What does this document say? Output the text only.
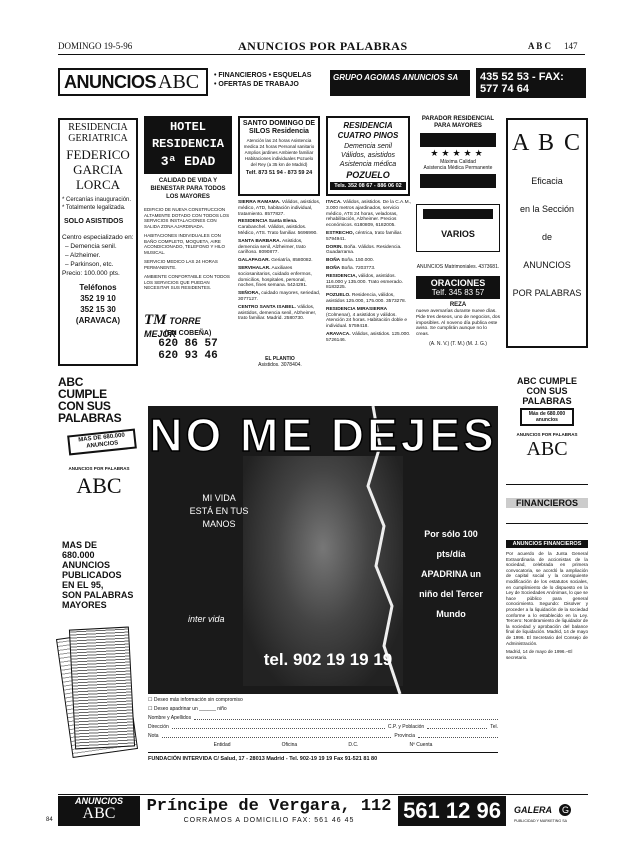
DOMINGO 19-5-96	ANUNCIOS POR PALABRAS	A B C 147
ANUNCIOS ABC • FINANCIEROS • ESQUELAS
• OFERTAS DE TRABAJO
GRUPO AGOMAS ANUNCIOS SA	435 52 53 - FAX: 577 74 64
RESIDENCIA
GERIATRICA
FEDERICO
GARCIA
LORCA
* Cercanías inauguración.
* Totalmente legalizada.
SOLO ASISTIDOS
Centro especializado en:
– Demencia senil.
– Alzheimer.
– Parkinson, etc.
Precio: 100.000 pts.
Teléfonos
352 19 10
352 15 30
(ARAVACA)
HOTEL
RESIDENCIA
3ª EDAD
CALIDAD DE VIDA Y BIENESTAR PARA TODOS LOS MAYORES

EDIFICIO DE NUEVA CONSTRUCCION ALTAMENTE DOTADO CON TODOS LOS SERVICIOS INSTALACIONES CON SALIDA ZONA AJARDINADA.

HABITACIONES INDIVIDUALES CON BAÑO COMPLETO, MOQUETA, AIRE ACONDICIONADO, TELEFONO Y HILO MUSICAL.

SERVICIO MEDICO LAS 24 HORAS PERMANENTE.

AMBIENTE CONFORTABLE CON TODOS LOS SERVICIOS QUE PUEDAN NECESITAR SUS RESIDENTES.

TM TORRE MEJOR
(EN COBEÑA)
620 86 57
620 93 46
SANTO DOMINGO DE SILOS Residencia
Atención las 24 horas Asistencia medica 24 horas Personal sanitario Amplios jardines Ambiente familiar Habitaciones individuales Pozuelo del Rey (a 35 km de Madrid)
Telf. 873 51 94 - 873 59 24
RESIDENCIA
CUATRO PINOS
Demencia senil
Válidos, asistidos
Asistencia médica
POZUELO
Tels. 352 08 67 - 886 06 02
PARADOR RESIDENCIAL PARA MAYORES
★★★★★
Máxima Calidad
Asistencia Médica Permanente
A B C
Eficacia
en la Sección
de
ANUNCIOS
POR PALABRAS

SIERRA RAMAMA. Válidos, asistidos, médico, ATD, habitación individual, tratamiento. 8577827.

RESIDENCIA Santa Elena. Carabanchel. Válidos, asistidos. Médico, ATS. Trato familiar. 5696990.

SANTA BARBARA. Asistidos, demencia senil, Alzheimer, trato cariñoso. 8090877.

GALAPAGAR. Geriatría, 8580082.

SERVIHALAR. Auxiliares sociosanitarios, cuidado enfermos, domicilios, hospitales, personal, noches, fines semana. 5424291.

SEÑORA, cuidado mayores, seriedad, 3077127.

CENTRO SANTA ISABEL. Válidos, asistidos, demencia senil, Alzheimer, trato familiar. Madrid. 2580730.

EL PLANTIO
Asistidos. 3078404.

ITACA. Válidos, asistidos. De la C.A.M., 3.000 metros ajardinados, servicio médico, ATS 24 horas, veladoras, rehabilitación, Alzheimer. Precios económicos. 6180809, 6182005.

ESTRECHO, céntrica, trato familiar. 5794941.

DORIN. Boña. Válidos. Residencia. Guadarrama.

BOÑA Boña. 150.000.

BOÑA Boña. 7203773.

RESIDENCIA, válidos, asistidos. 116.000 y 135.000. Trato esmerado. 8183225.

POZUELO. Residencia, válidos, asistidos 125.000, 175.000. 3573278.

RESIDENCIA MIRASIERRA (Colmenar), 4 asistidos y válidos. Atención 24 horas. Habitación doble e individual. 5759418.

ARAVACA. Válidos, asistidos. 125.000. 5726146.

VARIOS
ANUNCIOS Matrimoniales. 4373681.
ORACIONES
Telf. 345 83 57
REZA
nueve avemarías durante nueve días. Pide tres deseos, uno de negocios, dos imposibles. Al noveno día publica este aviso. Se cumplirán aunque no lo creas.
(A. N. V.) (T. M.) (M. J. G.)
ABC
CUMPLE
CON SUS
PALABRAS
MAS DE 680.000 ANUNCIOS
ANUNCIOS POR PALABRAS
ABC
MAS DE
680.000
ANUNCIOS
PUBLICADOS
EN EL 95,
SON PALABRAS
MAYORES
NO ME DEJES
MI VIDA
ESTÁ EN TUS
MANOS
Por sólo 100
pts/día
APADRINA un
niño del Tercer
Mundo
inter vida
tel. 902 19 19 19
☐ Deseo más información sin compromiso
☐ Deseo apadrinar un ______ niño
Nombre y Apellidos
Dirección	C.P. y Población	Tel.
Nota	Provincia
Entidad	Oficina	D.C.	Nº Cuenta
FUNDACIÓN INTERVIDA C/ Salud, 17 - 28013 Madrid - Tel. 902-19 19 19 Fax 91-521 81 80
ABC CUMPLE
CON SUS
PALABRAS
Más de 680.000 anuncios
ANUNCIOS POR PALABRAS
ABC
FINANCIEROS
ANUNCIOS FINANCIEROS
Por acuerdo de la Junta General Extraordinaria de accionistas de la sociedad, celebrada en primera convocatoria, se acordó la ampliación de capital social y la consiguiente modificación de los estatutos sociales, en cumplimiento de lo dispuesto en la Ley de Sociedades Anónimas, lo que se hace público para general conocimiento. Segundo: Disolver y proceder a la liquidación de la sociedad conforme a lo establecido en la Ley. Tercero: Nombramiento de liquidador de la sociedad y aprobación del balance final de liquidación. Madrid, 14 de mayo de 1996. El Secretario del Consejo de Administración.
Madrid, 14 de mayo de 1996.–El secretario.
ANUNCIOS
ABC	Príncipe de Vergara, 112
CORRAMOS A DOMICILIO FAX: 561 46 45	561 12 96	GALERA G
PUBLICIDAD Y MARKETING SA
84
